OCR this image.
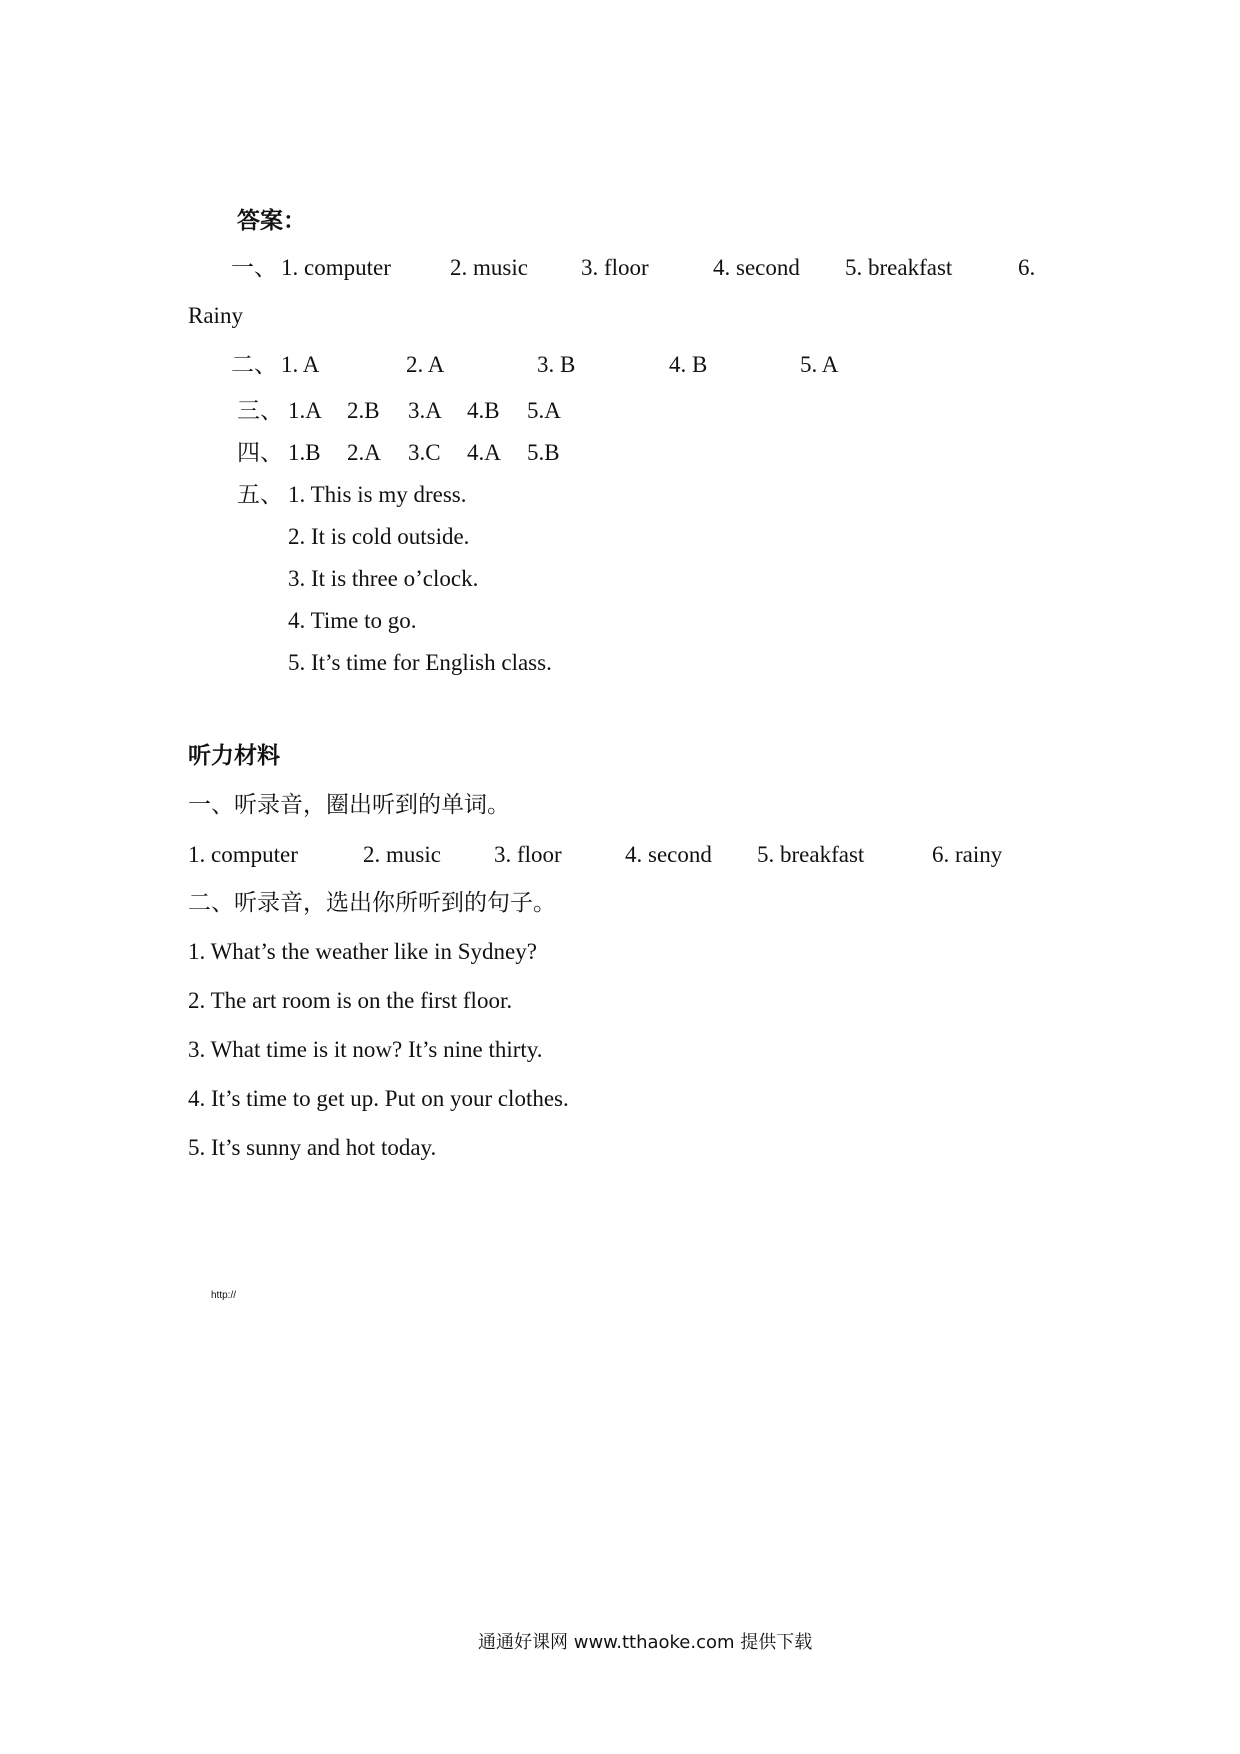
答案：
一、 1. computer	2. music 3. floor	4. second 5. breakfast	6.
Rainy
二、 1. A	2. A	3. B	4. B	5. A
三、 1.A 2.B 3.A 4.B 5.A
四、 1.B 2.A 3.C 4.A 5.B
五、 1. This is my dress.
2. It is cold outside.
3. It is three o’clock.
4. Time to go.
5. It’s time for English class.
听力材料
一、听录音，圈出听到的单词。
1. computer	2. music 3. floor	4. second 5. breakfast	6. rainy
二、听录音，选出你所听到的句子。
1. What’s the weather like in Sydney?
2. The art room is on the first floor.
3. What time is it now? It’s nine thirty.
4. It’s time to get up. Put on your clothes.
5. It’s sunny and hot today.
http://
通通好课网 www.tthaoke.com 提供下载
